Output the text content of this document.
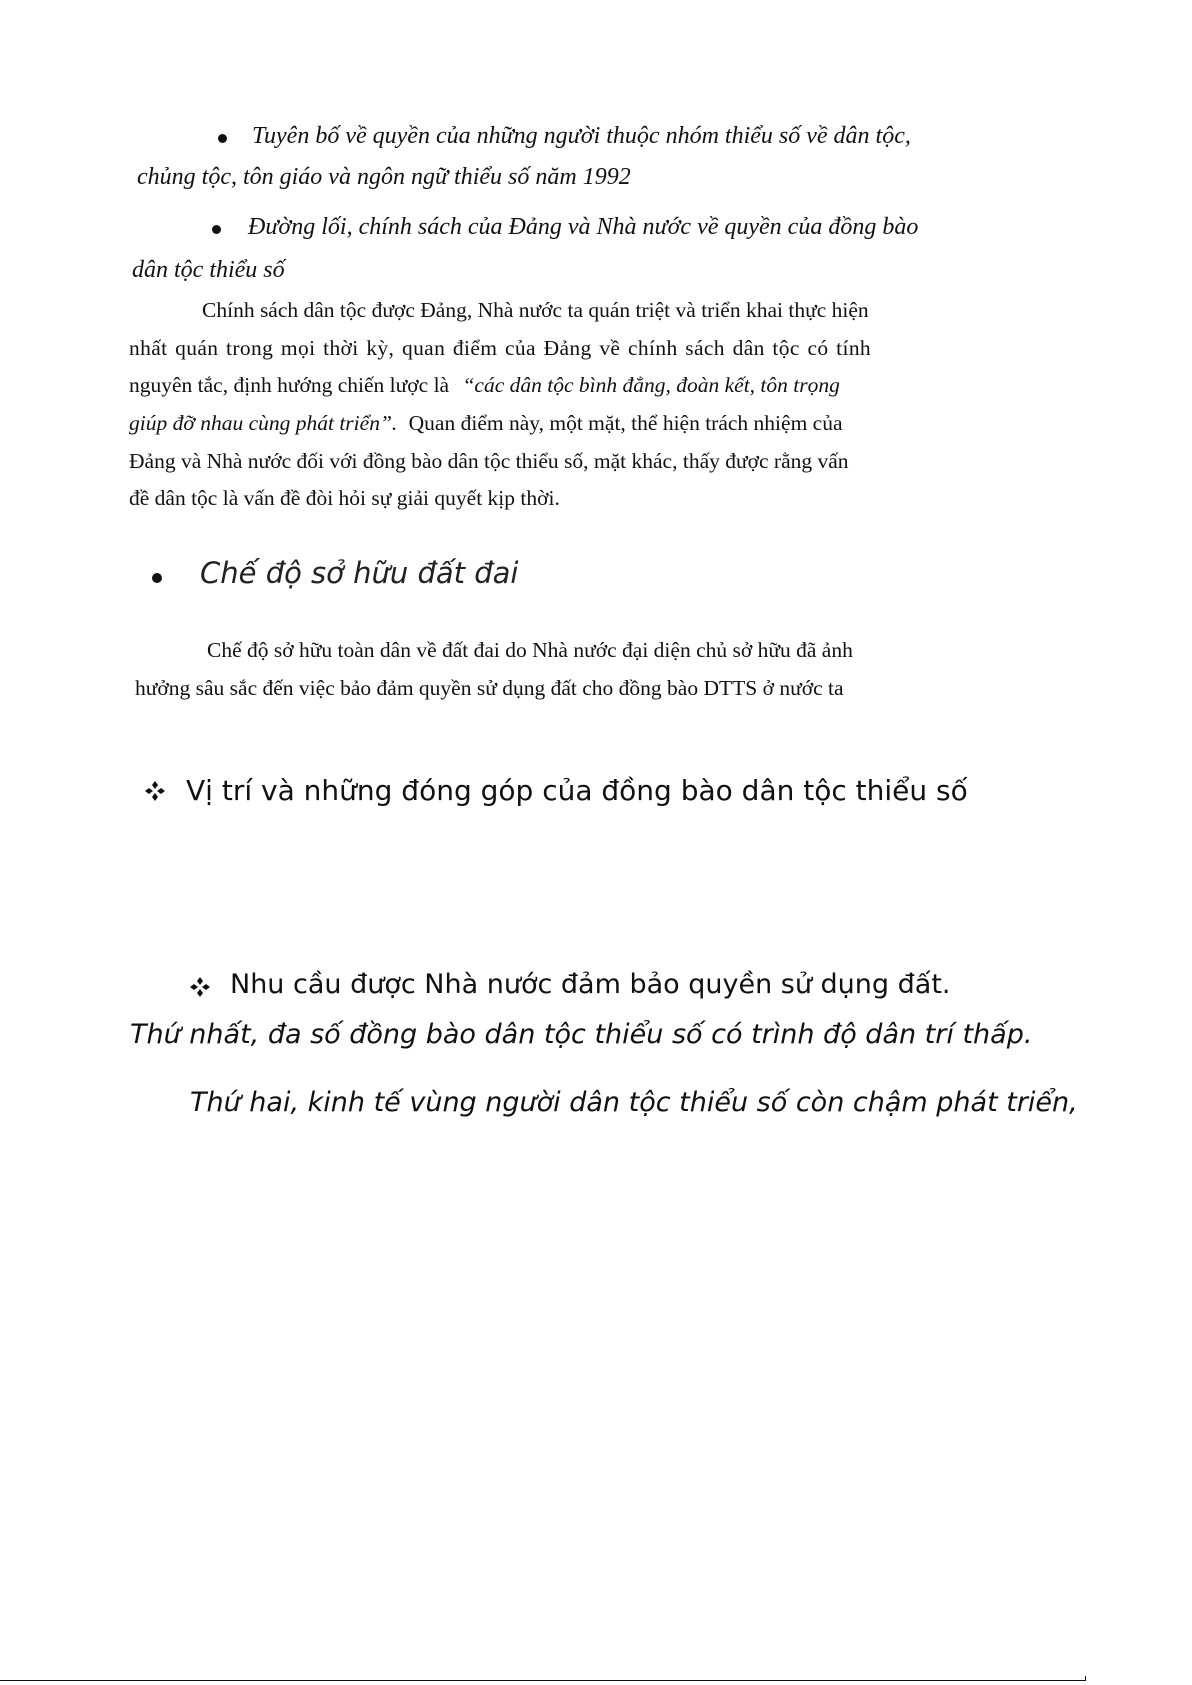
Tuyên bố về quyền của những người thuộc nhóm thiểu số về dân tộc,
chủng tộc, tôn giáo và ngôn ngữ thiểu số năm 1992
Đường lối, chính sách của Đảng và Nhà nước về quyền của đồng bào
dân tộc thiểu số
Chính sách dân tộc được Đảng, Nhà nước ta quán triệt và triển khai thực hiện
nhất quán trong mọi thời kỳ, quan điểm của Đảng về chính sách dân tộc có tính
nguyên tắc, định hướng chiến lược là “các dân tộc bình đẳng, đoàn kết, tôn trọng
giúp đỡ nhau cùng phát triển”. Quan điểm này, một mặt, thể hiện trách nhiệm của
Đảng và Nhà nước đối với đồng bào dân tộc thiểu số, mặt khác, thấy được rằng vấn
đề dân tộc là vấn đề đòi hỏi sự giải quyết kịp thời.
Chế độ sở hữu đất đai
Chế độ sở hữu toàn dân về đất đai do Nhà nước đại diện chủ sở hữu đã ảnh
hưởng sâu sắc đến việc bảo đảm quyền sử dụng đất cho đồng bào DTTS ở nước ta
Vị trí và những đóng góp của đồng bào dân tộc thiểu số
Nhu cầu được Nhà nước đảm bảo quyền sử dụng đất.
Thứ nhất, đa số đồng bào dân tộc thiểu số có trình độ dân trí thấp.
Thứ hai, kinh tế vùng người dân tộc thiểu số còn chậm phát triển,
